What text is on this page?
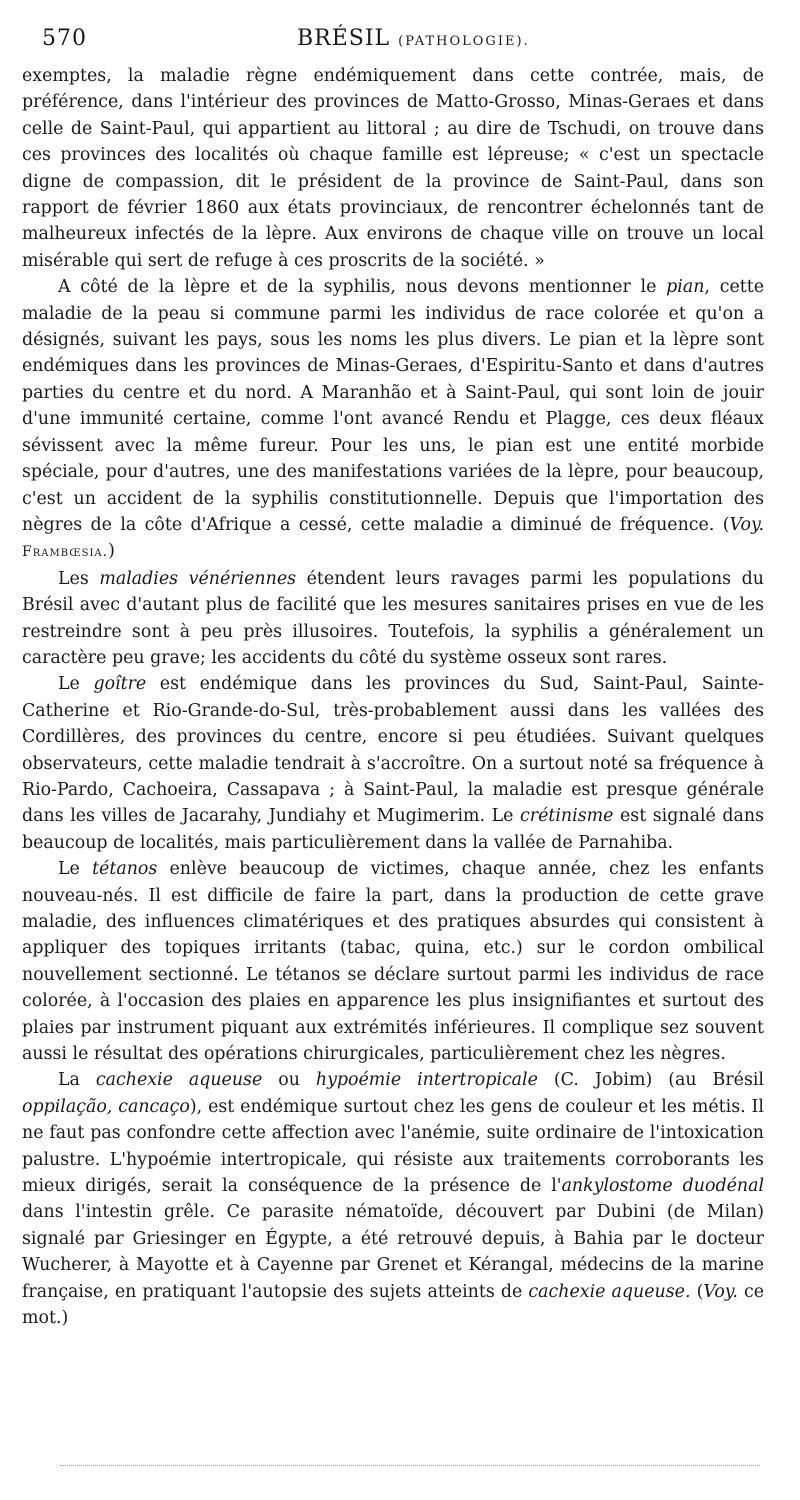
570	BRÉSIL (PATHOLOGIE).

exemptes, la maladie règne endémiquement dans cette contrée, mais, de préférence, dans l'intérieur des provinces de Matto-Grosso, Minas-Geraes et dans celle de Saint-Paul, qui appartient au littoral ; au dire de Tschudi, on trouve dans ces provinces des localités où chaque famille est lépreuse; « c'est un spectacle digne de compassion, dit le président de la province de Saint-Paul, dans son rapport de février 1860 aux états provinciaux, de rencontrer échelonnés tant de malheureux infectés de la lèpre. Aux environs de chaque ville on trouve un local misérable qui sert de refuge à ces proscrits de la société. »

A côté de la lèpre et de la syphilis, nous devons mentionner le pian, cette maladie de la peau si commune parmi les individus de race colorée et qu'on a désignés, suivant les pays, sous les noms les plus divers. Le pian et la lèpre sont endémiques dans les provinces de Minas-Geraes, d'Espiritu-Santo et dans d'autres parties du centre et du nord. A Maranhão et à Saint-Paul, qui sont loin de jouir d'une immunité certaine, comme l'ont avancé Rendu et Plagge, ces deux fléaux sévissent avec la même fureur. Pour les uns, le pian est une entité morbide spéciale, pour d'autres, une des manifestations variées de la lèpre, pour beaucoup, c'est un accident de la syphilis constitutionnelle. Depuis que l'importation des nègres de la côte d'Afrique a cessé, cette maladie a diminué de fréquence. (Voy. Frambœsia.)

Les maladies vénériennes étendent leurs ravages parmi les populations du Brésil avec d'autant plus de facilité que les mesures sanitaires prises en vue de les restreindre sont à peu près illusoires. Toutefois, la syphilis a généralement un caractère peu grave; les accidents du côté du système osseux sont rares.

Le goître est endémique dans les provinces du Sud, Saint-Paul, Sainte-Catherine et Rio-Grande-do-Sul, très-probablement aussi dans les vallées des Cordillères, des provinces du centre, encore si peu étudiées. Suivant quelques observateurs, cette maladie tendrait à s'accroître. On a surtout noté sa fréquence à Rio-Pardo, Cachoeira, Cassapava ; à Saint-Paul, la maladie est presque générale dans les villes de Jacarahy, Jundiahy et Mugimerim. Le crétinisme est signalé dans beaucoup de localités, mais particulièrement dans la vallée de Parnahiba.

Le tétanos enlève beaucoup de victimes, chaque année, chez les enfants nouveau-nés. Il est difficile de faire la part, dans la production de cette grave maladie, des influences climatériques et des pratiques absurdes qui consistent à appliquer des topiques irritants (tabac, quina, etc.) sur le cordon ombilical nouvellement sectionné. Le tétanos se déclare surtout parmi les individus de race colorée, à l'occasion des plaies en apparence les plus insignifiantes et surtout des plaies par instrument piquant aux extrémités inférieures. Il complique sez souvent aussi le résultat des opérations chirurgicales, particulièrement chez les nègres.

La cachexie aqueuse ou hypoémie intertropicale (C. Jobim) (au Brésil oppilação, cancaço), est endémique surtout chez les gens de couleur et les métis. Il ne faut pas confondre cette affection avec l'anémie, suite ordinaire de l'intoxication palustre. L'hypoémie intertropicale, qui résiste aux traitements corroborants les mieux dirigés, serait la conséquence de la présence de l'ankylostome duodénal dans l'intestin grêle. Ce parasite nématoïde, découvert par Dubini (de Milan) signalé par Griesinger en Égypte, a été retrouvé depuis, à Bahia par le docteur Wucherer, à Mayotte et à Cayenne par Grenet et Kérangal, médecins de la marine française, en pratiquant l'autopsie des sujets atteints de cachexie aqueuse. (Voy. ce mot.)
